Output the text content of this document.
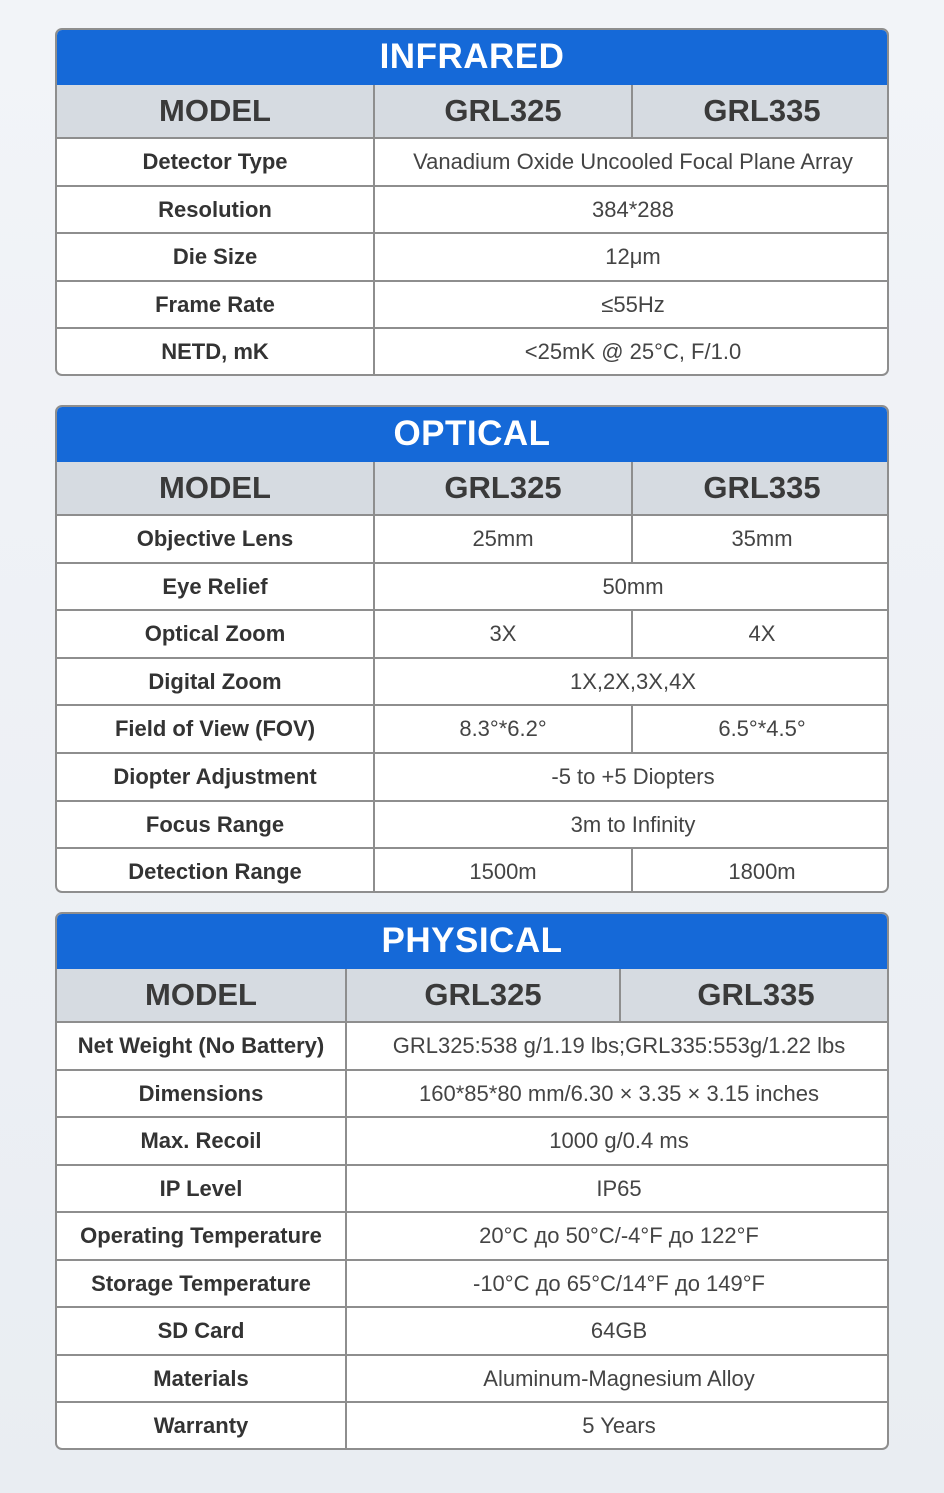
INFRARED
MODEL	GRL325	GRL335
Detector Type	Vanadium Oxide Uncooled Focal Plane Array	
Resolution	384*288	
Die Size	12μm	
Frame Rate	≤55Hz	
NETD, mK	<25mK @ 25°C, F/1.0	
OPTICAL
MODEL	GRL325	GRL335
Objective Lens	25mm	35mm
Eye Relief	50mm	
Optical Zoom	3X	4X
Digital Zoom	1X,2X,3X,4X	
Field of View (FOV)	8.3°*6.2°	6.5°*4.5°
Diopter Adjustment	-5 to +5 Diopters	
Focus Range	3m to Infinity	
Detection Range	1500m	1800m
PHYSICAL
MODEL	GRL325	GRL335
Net Weight (No Battery)	GRL325:538 g/1.19 lbs;GRL335:553g/1.22 lbs	
Dimensions	160*85*80 mm/6.30 × 3.35 × 3.15 inches	
Max. Recoil	1000 g/0.4 ms	
IP Level	IP65	
Operating Temperature	20°C до 50°C/-4°F до 122°F	
Storage Temperature	-10°C до 65°C/14°F до 149°F	
SD Card	64GB	
Materials	Aluminum-Magnesium Alloy	
Warranty	5 Years	
